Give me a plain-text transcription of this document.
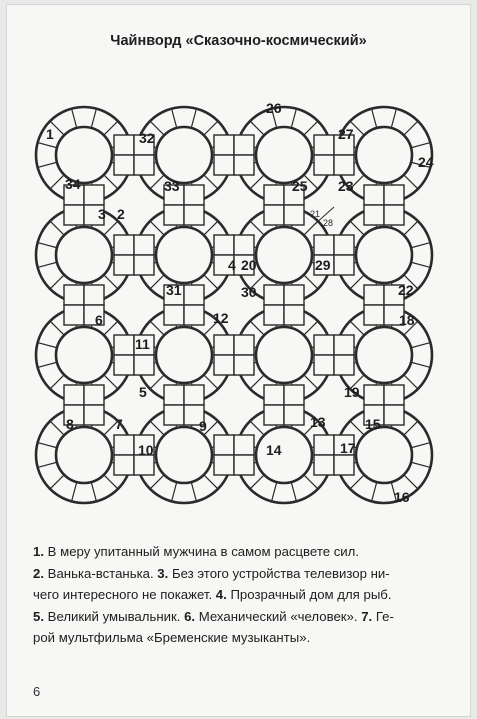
Чайнворд «Сказочно-космический»
21
28
1	32
26
27
24
34	33	25 23
3 2
4 20	29
31	30	22
6	12	18
11
5	19
8	7	13	15
10
9
14	17
16

1. В меру упитанный мужчина в самом расцвете сил.

2. Ванька-встанька. 3. Без этого устройства телевизор ни-

чего интересного не покажет. 4. Прозрачный дом для рыб.

5. Великий умывальник. 6. Механический «человек». 7. Ге-

рой мультфильма «Бременские музыканты».

6
